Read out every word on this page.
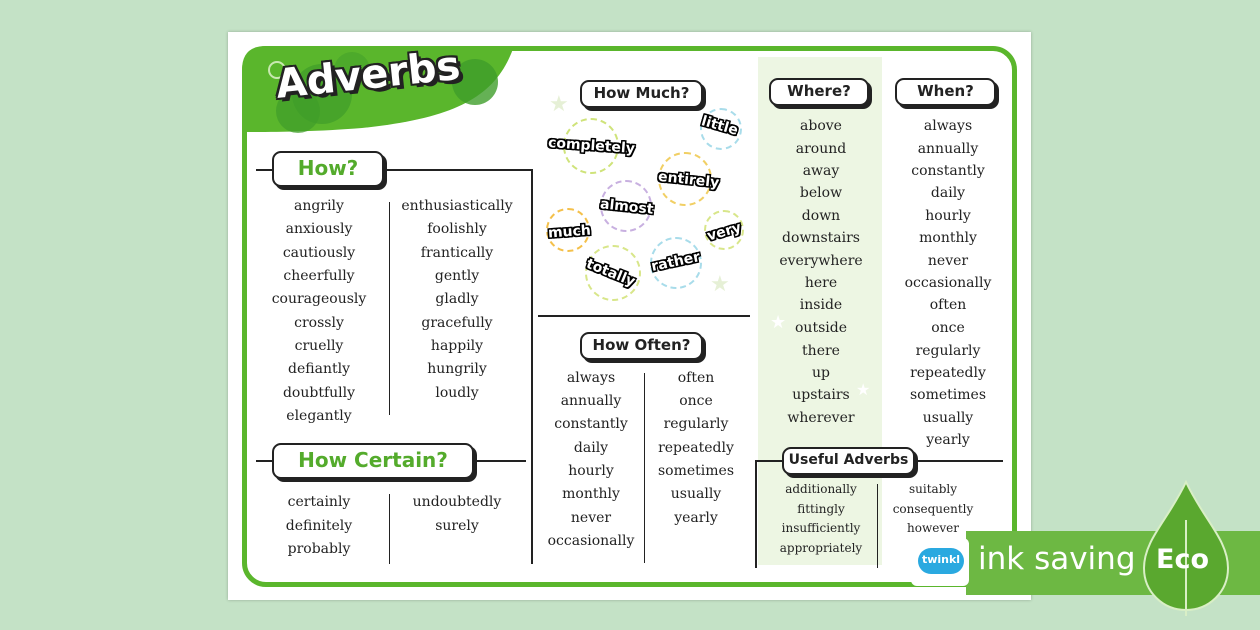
Adverbs
How?
How Certain?
How Much?
How Often?
Where?	When?
Useful Adverbs
angrily
anxiously
cautiously
cheerfully
courageously
crossly
cruelly
defiantly
doubtfully
elegantly
enthusiastically
foolishly
frantically
gently
gladly
gracefully
happily
hungrily
loudly
certainly
definitely
probably
undoubtedly
surely
★
★
★
★
completely
little
entirely
almost
much	very
totally rather
always
annually
constantly
daily
hourly
monthly
never
occasionally
often
once
regularly
repeatedly
sometimes
usually
yearly
above
around
away
below
down
downstairs
everywhere
here
inside
outside
there
up
upstairs
wherever
always
annually
constantly
daily
hourly
monthly
never
occasionally
often
once
regularly
repeatedly
sometimes
usually
yearly
additionally
fittingly
insufficiently
appropriately
suitably
consequently
however
Eco
ink saving
twinkl
